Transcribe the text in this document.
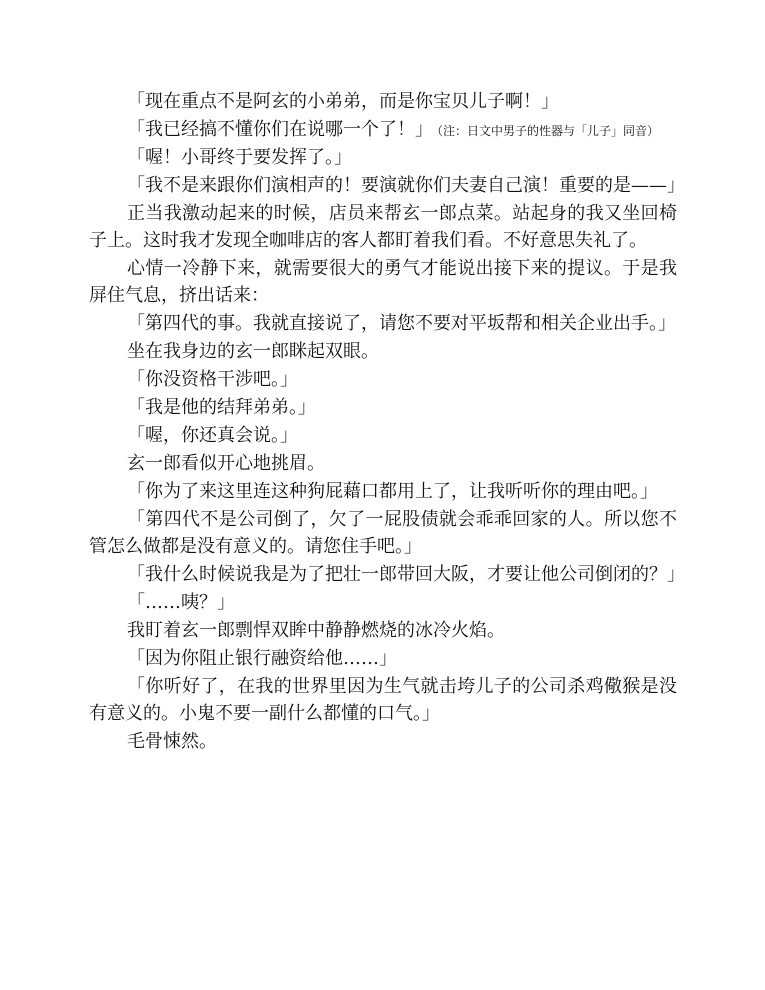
「现在重点不是阿玄的小弟弟，而是你宝贝儿子啊！」

「我已经搞不懂你们在说哪一个了！」 （注：日文中男子的性器与「儿子」同音）

「喔！小哥终于要发挥了。」

「我不是来跟你们演相声的！要演就你们夫妻自己演！重要的是——」

正当我激动起来的时候，店员来帮玄一郎点菜。站起身的我又坐回椅子上。这时我才发现全咖啡店的客人都盯着我们看。不好意思失礼了。

心情一冷静下来，就需要很大的勇气才能说出接下来的提议。于是我屏住气息，挤出话来：

「第四代的事。我就直接说了，请您不要对平坂帮和相关企业出手。」

坐在我身边的玄一郎眯起双眼。

「你没资格干涉吧。」

「我是他的结拜弟弟。」

「喔，你还真会说。」

玄一郎看似开心地挑眉。

「你为了来这里连这种狗屁藉口都用上了，让我听听你的理由吧。」

「第四代不是公司倒了，欠了一屁股债就会乖乖回家的人。所以您不管怎么做都是没有意义的。请您住手吧。」

「我什么时候说我是为了把壮一郎带回大阪，才要让他公司倒闭的？」

「……咦？」

我盯着玄一郎剽悍双眸中静静燃烧的冰冷火焰。

「因为你阻止银行融资给他……」

「你听好了，在我的世界里因为生气就击垮儿子的公司杀鸡儆猴是没有意义的。小鬼不要一副什么都懂的口气。」

毛骨悚然。
